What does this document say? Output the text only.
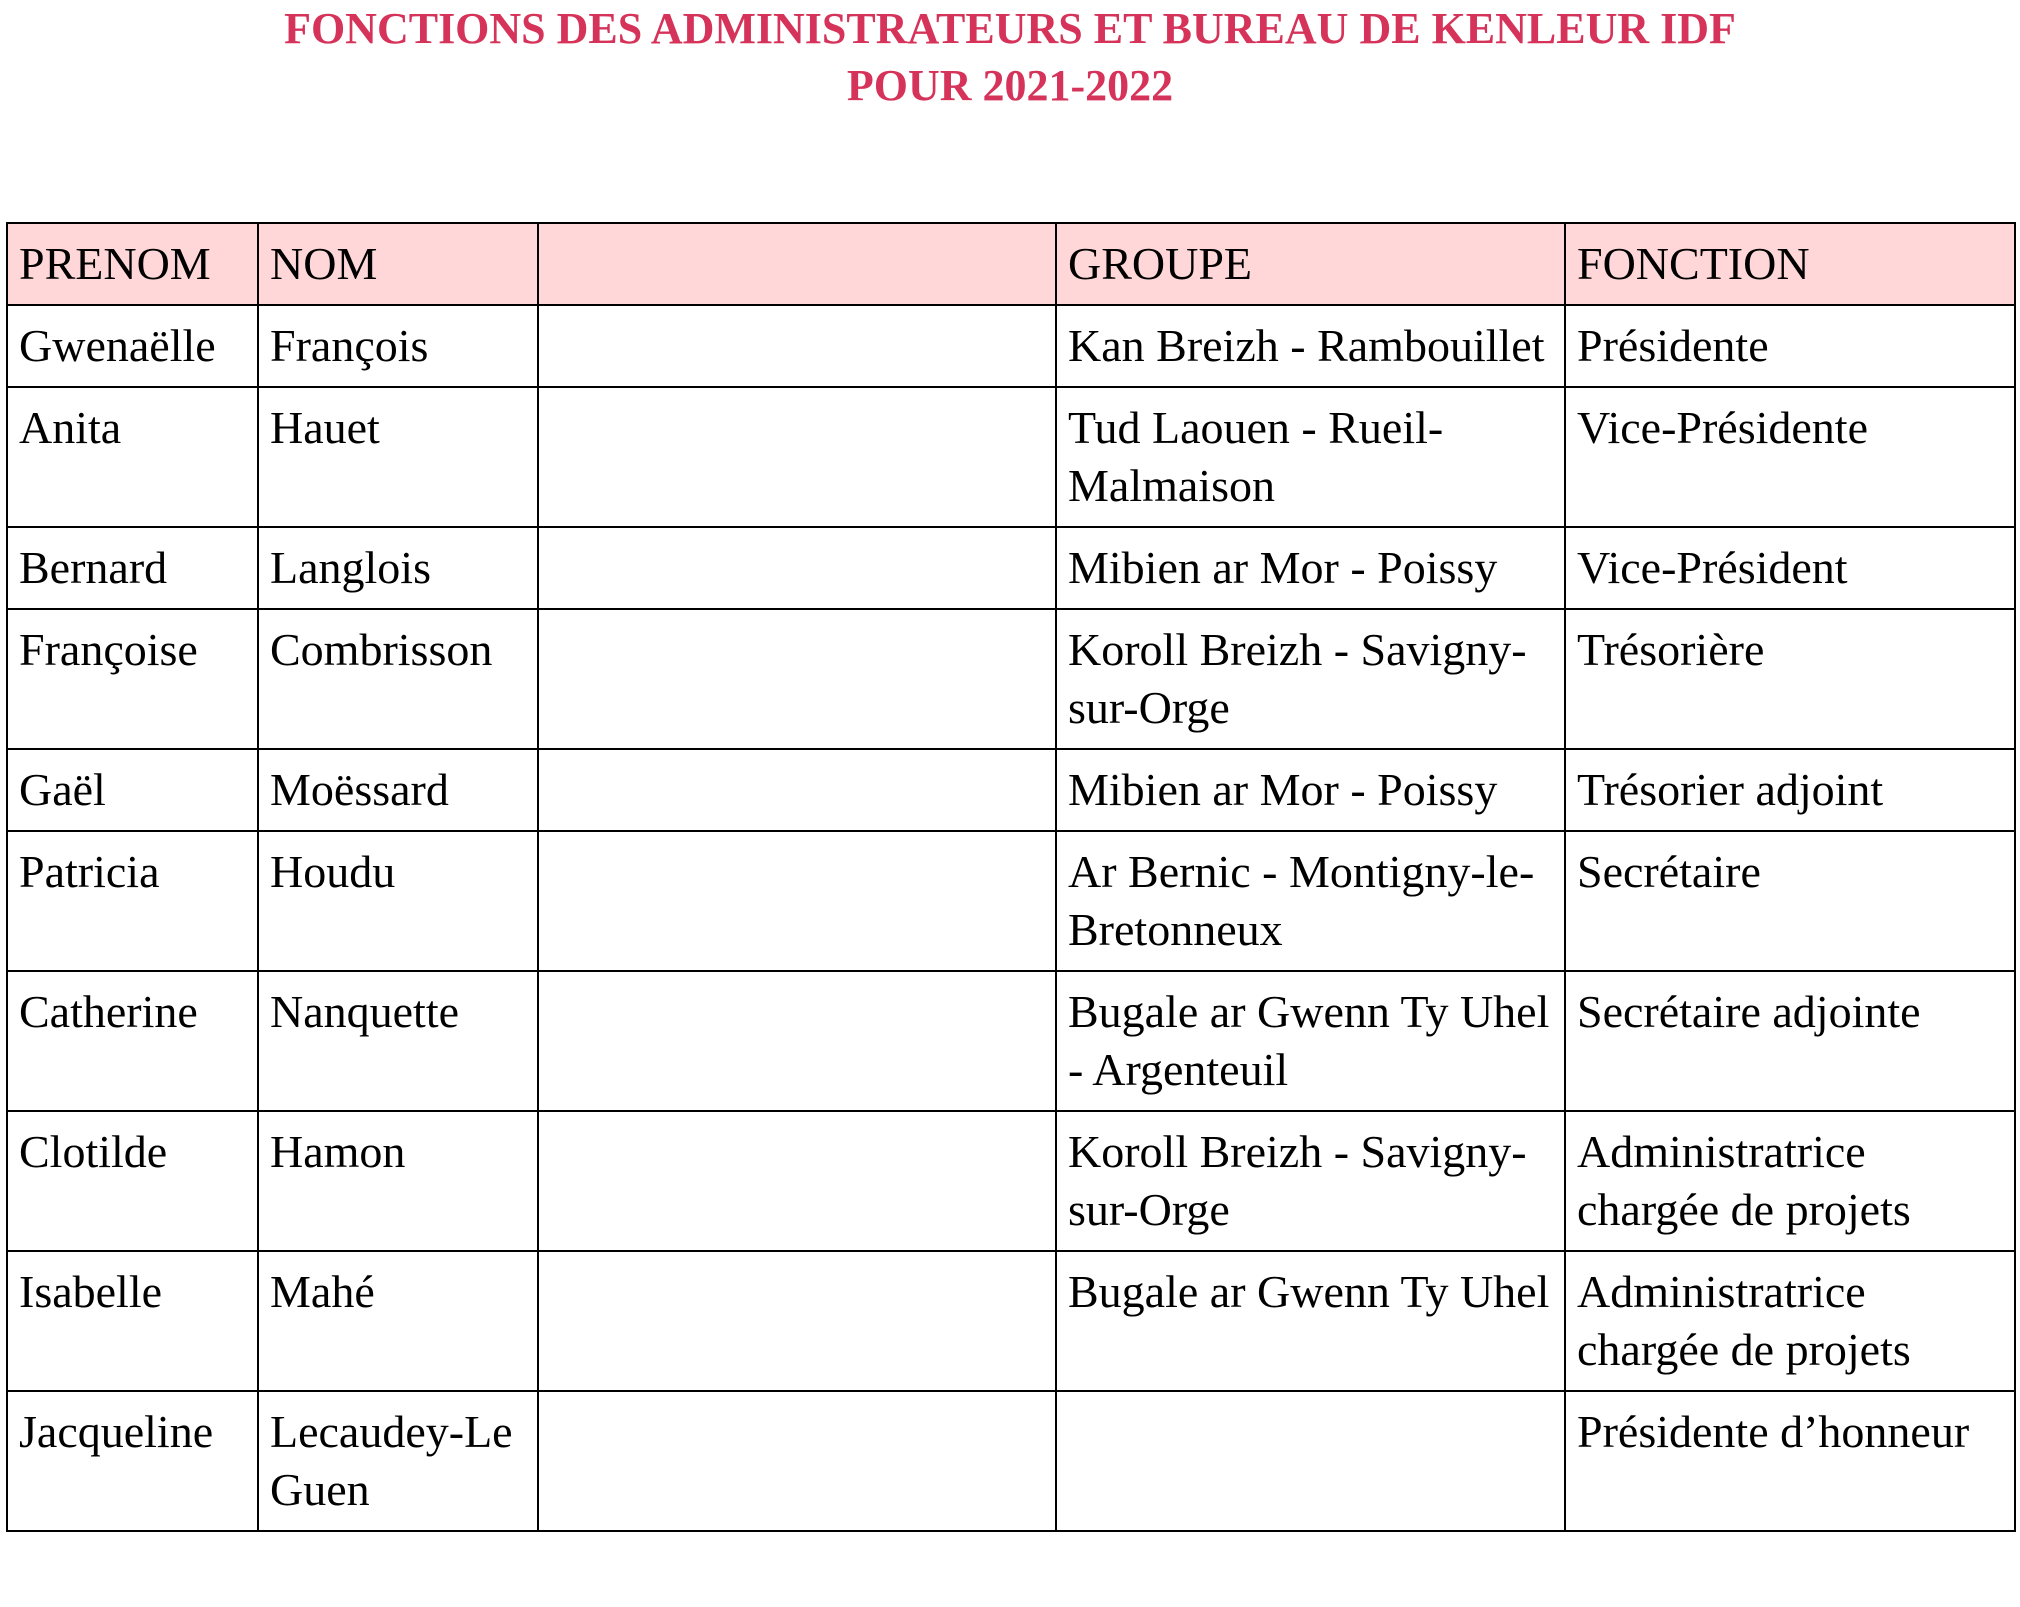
FONCTIONS DES ADMINISTRATEURS ET BUREAU DE KENLEUR IDF
POUR 2021-2022
PRENOM	NOM		GROUPE	FONCTION
Gwenaëlle	François		Kan Breizh - Rambouillet	Présidente
Anita	Hauet		Tud Laouen - Rueil-Malmaison	Vice-Présidente
Bernard	Langlois		Mibien ar Mor - Poissy	Vice-Président
Françoise	Combrisson		Koroll Breizh - Savigny-sur-Orge	Trésorière
Gaël	Moëssard		Mibien ar Mor - Poissy	Trésorier adjoint
Patricia	Houdu		Ar Bernic - Montigny-le-Bretonneux	Secrétaire
Catherine	Nanquette		Bugale ar Gwenn Ty Uhel - Argenteuil	Secrétaire adjointe
Clotilde	Hamon		Koroll Breizh - Savigny-sur-Orge	Administratrice chargée de projets
Isabelle	Mahé		Bugale ar Gwenn Ty Uhel	Administratrice chargée de projets
Jacqueline	Lecaudey-Le Guen			Présidente d’honneur
